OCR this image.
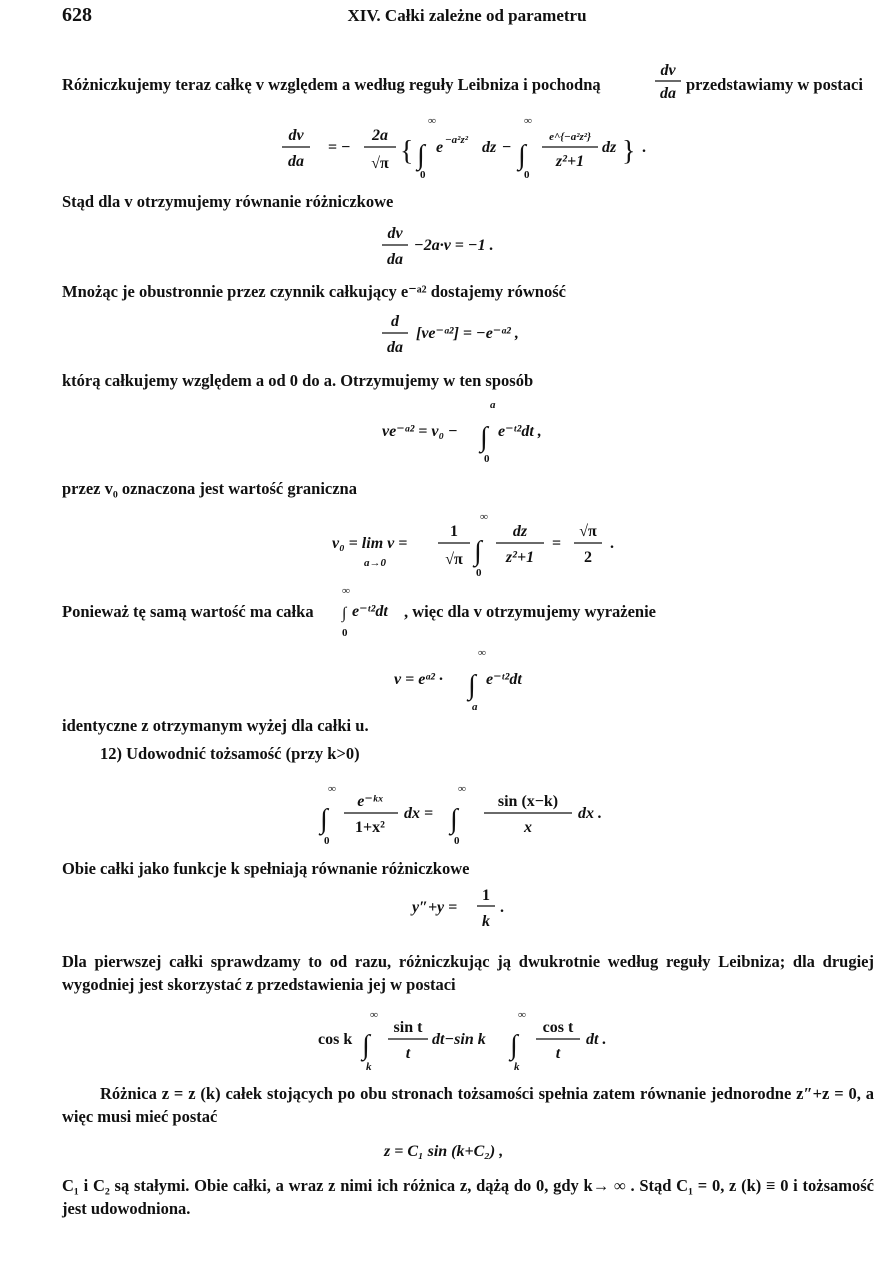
628	XIV. Całki zależne od parametru
Różniczkujemy teraz całkę v względem a według reguły Leibniza i pochodną
dv
da przedstawiamy w postaci
dv
da
= −
2a
√π { ∫
∞
0
e −a²z² dz − ∫
∞
0
e^{−a²z²}
z²+1
dz } .
Stąd dla v otrzymujemy równanie różniczkowe
dv
da
−2a·v = −1 .
Mnożąc je obustronnie przez czynnik całkujący e⁻ᵃ² dostajemy równość
d
da
[ve⁻ᵃ²] = −e⁻ᵃ² ,
którą całkujemy względem a od 0 do a. Otrzymujemy w ten sposób
ve⁻ᵃ² = v₀ − ∫
a
0
e⁻ᵗ²dt ,
przez v₀ oznaczona jest wartość graniczna
v₀ = lim v =
a→0
1
√π ∫
∞
0
dz
z²+1
=
√π
2
.
Ponieważ tę samą wartość ma całka
∞
∫
0
e⁻ᵗ²dt , więc dla v otrzymujemy wyrażenie
v = eᵃ² · ∫
∞
a
e⁻ᵗ²dt
identyczne z otrzymanym wyżej dla całki u.
12) Udowodnić tożsamość (przy k>0)
∫
∞
0
e⁻ᵏˣ
1+x²
dx = ∫
∞
0
sin (x−k)
x
dx .
Obie całki jako funkcje k spełniają równanie różniczkowe
y″+y =
1
k
.
Dla pierwszej całki sprawdzamy to od razu, różniczkując ją dwukrotnie według reguły Leibniza; dla drugiej wygodniej jest skorzystać z przedstawienia jej w postaci
cos k ∫
∞
k
sin t
t
dt−sin k ∫
∞
k
cos t
t
dt .
Różnica z = z (k) całek stojących po obu stronach tożsamości spełnia zatem równanie jednorodne z″+z = 0, a więc musi mieć postać
z = C₁ sin (k+C₂) ,
C₁ i C₂ są stałymi. Obie całki, a wraz z nimi ich różnica z, dążą do 0, gdy k→ ∞ . Stąd C₁ = 0, z (k) ≡ 0 i tożsamość jest udowodniona.
